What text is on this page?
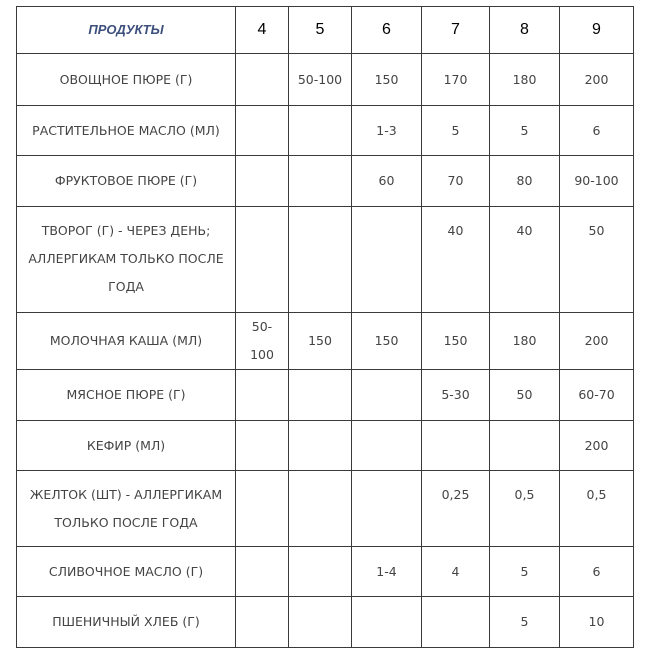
ПРОДУКТЫ	4	5	6	7	8	9
ОВОЩНОЕ ПЮРЕ (Г)		50-100	150	170	180	200
РАСТИТЕЛЬНОЕ МАСЛО (МЛ)			1-3	5	5	6
ФРУКТОВОЕ ПЮРЕ (Г)			60	70	80	90-100
ТВОРОГ (Г) - ЧЕРЕЗ ДЕНЬ; АЛЛЕРГИКАМ ТОЛЬКО ПОСЛЕ ГОДА				40	40	50
МОЛОЧНАЯ КАША (МЛ)	50-100	150	150	150	180	200
МЯСНОЕ ПЮРЕ (Г)				5-30	50	60-70
КЕФИР (МЛ)						200
ЖЕЛТОК (ШТ) - АЛЛЕРГИКАМ ТОЛЬКО ПОСЛЕ ГОДА				0,25	0,5	0,5
СЛИВОЧНОЕ МАСЛО (Г)			1-4	4	5	6
ПШЕНИЧНЫЙ ХЛЕБ (Г)					5	10
